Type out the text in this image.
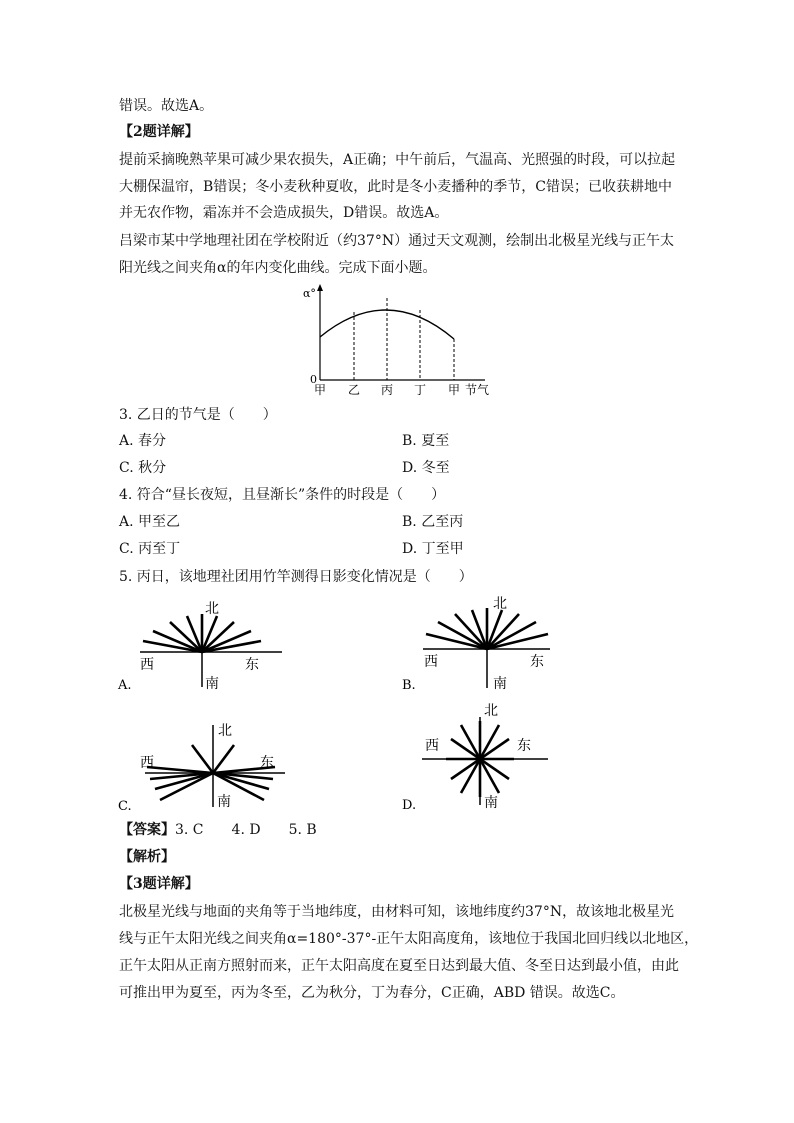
错误。故选A。
【2题详解】
提前采摘晚熟苹果可减少果农损失，A正确；中午前后，气温高、光照强的时段，可以拉起
大棚保温帘，B错误；冬小麦秋种夏收，此时是冬小麦播种的季节，C错误；已收获耕地中
并无农作物，霜冻并不会造成损失，D错误。故选A。
吕梁市某中学地理社团在学校附近（约37°N）通过天文观测，绘制出北极星光线与正午太
阳光线之间夹角α的年内变化曲线。完成下面小题。
α°
0
甲 乙 丙 丁 甲 节气
3. 乙日的节气是（　　）
A. 春分	B. 夏至
C. 秋分	D. 冬至
4. 符合“昼长夜短，且昼渐长”条件的时段是（　　）
A. 甲至乙	B. 乙至丙
C. 丙至丁	D. 丁至甲
5. 丙日，该地理社团用竹竿测得日影变化情况是（　　）
北
南
西	东
A.
北
南
西	东
B.
北
南
西	东
C.
北
南
西	东
D.
【答案】3. C 4. D 5. B
【解析】
【3题详解】
北极星光线与地面的夹角等于当地纬度，由材料可知，该地纬度约37°N，故该地北极星光
线与正午太阳光线之间夹角α=180°-37°-正午太阳高度角，该地位于我国北回归线以北地区，
正午太阳从正南方照射而来，正午太阳高度在夏至日达到最大值、冬至日达到最小值，由此
可推出甲为夏至，丙为冬至，乙为秋分，丁为春分，C正确，ABD 错误。故选C。
